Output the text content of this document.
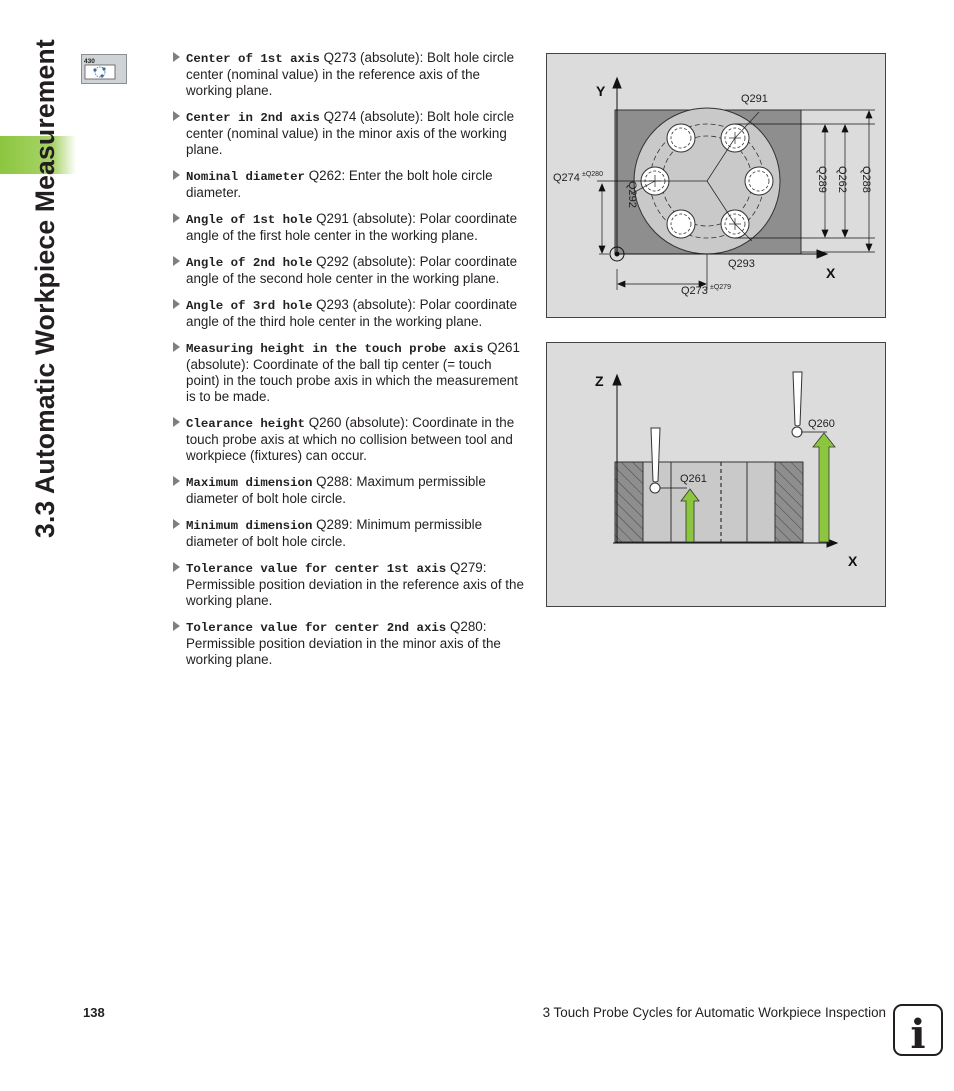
3.3 Automatic Workpiece Measurement	430	Center of 1st axis Q273 (absolute): Bolt hole circle center (nominal value) in the reference axis of the working plane.
Center in 2nd axis Q274 (absolute): Bolt hole circle center (nominal value) in the minor axis of the working plane.
Nominal diameter Q262: Enter the bolt hole circle diameter.
Angle of 1st hole Q291 (absolute): Polar coordinate angle of the first hole center in the working plane.
Angle of 2nd hole Q292 (absolute): Polar coordinate angle of the second hole center in the working plane.
Angle of 3rd hole Q293 (absolute): Polar coordinate angle of the third hole center in the working plane.
Measuring height in the touch probe axis Q261 (absolute): Coordinate of the ball tip center (= touch point) in the touch probe axis in which the measurement is to be made.
Clearance height Q260 (absolute): Coordinate in the touch probe axis at which no collision between tool and workpiece (fixtures) can occur.
Maximum dimension Q288: Maximum permissible diameter of bolt hole circle.
Minimum dimension Q289: Minimum permissible diameter of bolt hole circle.
Tolerance value for center 1st axis Q279: Permissible position deviation in the reference axis of the working plane.
Tolerance value for center 2nd axis Q280: Permissible position deviation in the minor axis of the working plane.
Y
X
Q291
Q293
Q274 ±Q280
Q273 ±Q279
Q292
Q289 Q262 Q288
Z
X
Q260
Q261
138	3 Touch Probe Cycles for Automatic Workpiece Inspection i
